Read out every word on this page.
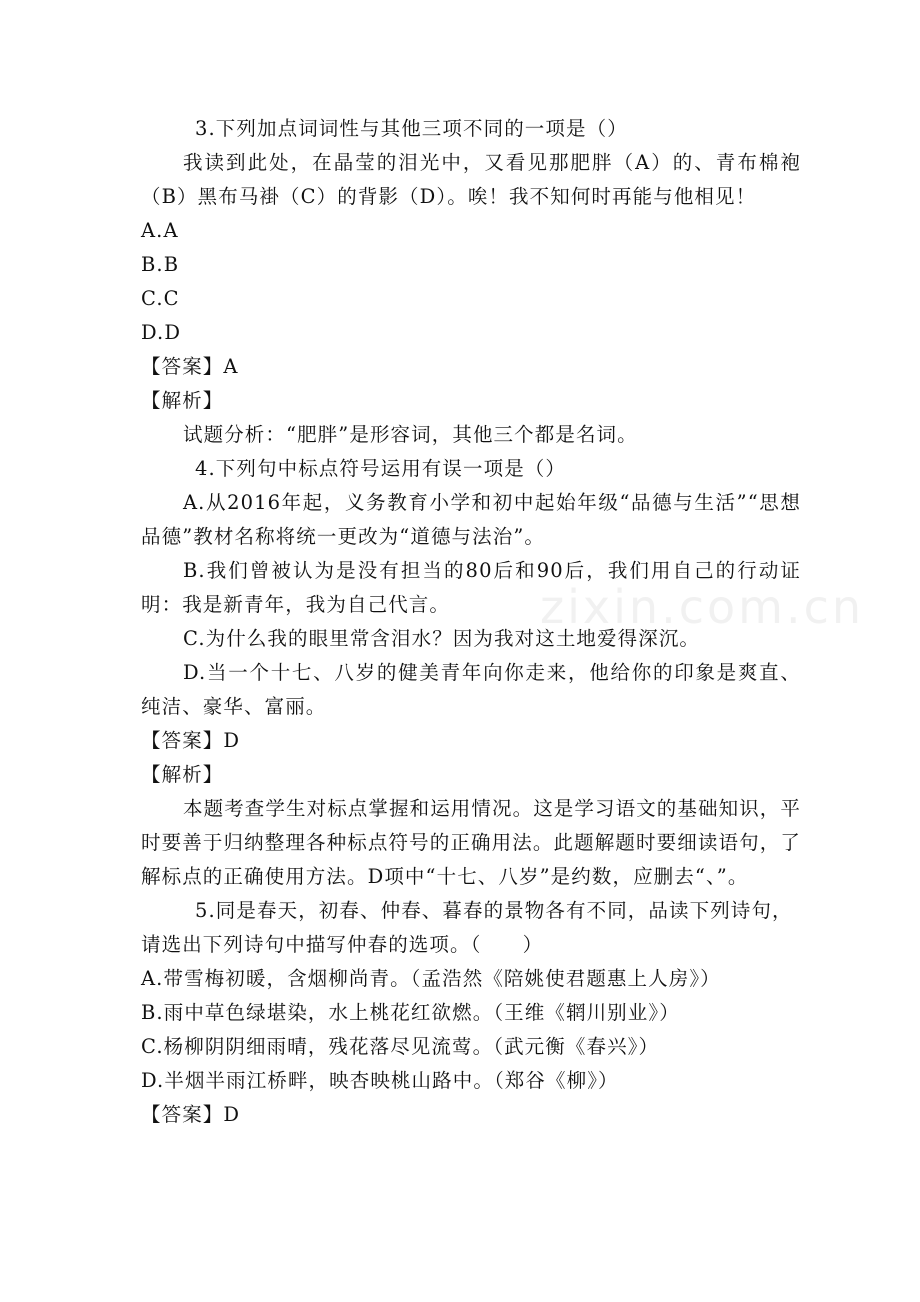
zixin.com.cn

3.下列加点词词性与其他三项不同的一项是（）

我读到此处，在晶莹的泪光中，又看见那肥胖（A）的、青布棉袍（B）黑布马褂（C）的背影（D）。唉！我不知何时再能与他相见！

A.A

B.B

C.C

D.D

【答案】A

【解析】

试题分析：“肥胖”是形容词，其他三个都是名词。

4.下列句中标点符号运用有误一项是（）

A.从2016年起，义务教育小学和初中起始年级“品德与生活”“思想品德”教材名称将统一更改为“道德与法治”。

B.我们曾被认为是没有担当的80后和90后，我们用自己的行动证明：我是新青年，我为自己代言。

C.为什么我的眼里常含泪水？因为我对这土地爱得深沉。

D.当一个十七、八岁的健美青年向你走来，他给你的印象是爽直、纯洁、豪华、富丽。

【答案】D

【解析】

本题考查学生对标点掌握和运用情况。这是学习语文的基础知识，平时要善于归纳整理各种标点符号的正确用法。此题解题时要细读语句，了解标点的正确使用方法。D项中“十七、八岁”是约数，应删去“、”。

5.同是春天，初春、仲春、暮春的景物各有不同，品读下列诗句，请选出下列诗句中描写仲春的选项。（　　）

A.带雪梅初暖，含烟柳尚青。（孟浩然《陪姚使君题惠上人房》）

B.雨中草色绿堪染，水上桃花红欲燃。（王维《辋川别业》）

C.杨柳阴阴细雨晴，残花落尽见流莺。（武元衡《春兴》）

D.半烟半雨江桥畔，映杏映桃山路中。（郑谷《柳》）

【答案】D
